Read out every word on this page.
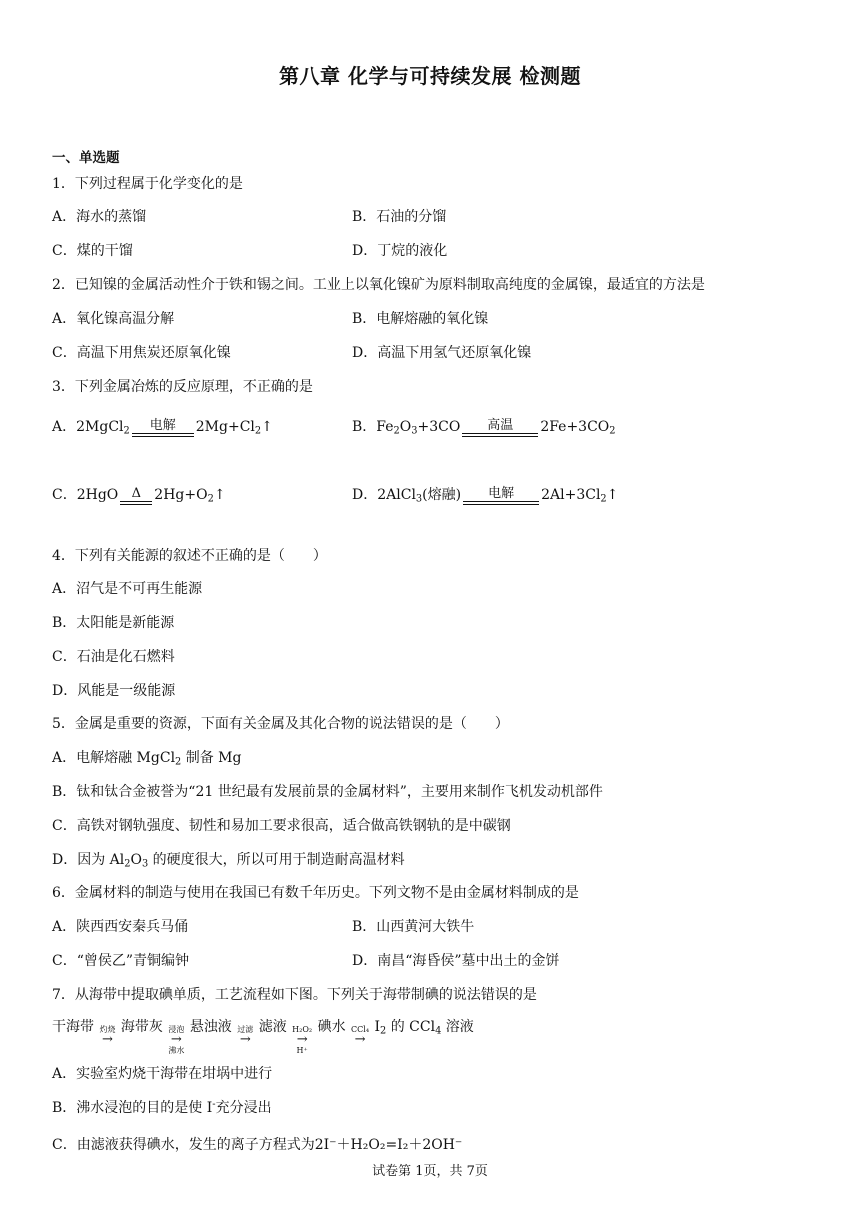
第八章 化学与可持续发展 检测题
一、单选题
1．下列过程属于化学变化的是
A．海水的蒸馏	B．石油的分馏
C．煤的干馏	D．丁烷的液化
2．已知镍的金属活动性介于铁和锡之间。工业上以氧化镍矿为原料制取高纯度的金属镍，最适宜的方法是
A．氧化镍高温分解	B．电解熔融的氧化镍
C．高温下用焦炭还原氧化镍	D．高温下用氢气还原氧化镍
3．下列金属冶炼的反应原理，不正确的是
A．2MgCl$_2$ 电解 $2Mg+Cl_2↑$	B．$Fe_2O_3+3CO$ 高温 $2Fe+3CO_2$
C．2HgO Δ $2Hg+O_2↑$	D．2AlCl$_3$(熔融) 电解 $2Al+3Cl_2↑$
4．下列有关能源的叙述不正确的是（　　）
A．沼气是不可再生能源
B．太阳能是新能源
C．石油是化石燃料
D．风能是一级能源
5．金属是重要的资源，下面有关金属及其化合物的说法错误的是（　　）
A．电解熔融 MgCl$_2$ 制备 Mg
B．钛和钛合金被誉为“21 世纪最有发展前景的金属材料”，主要用来制作飞机发动机部件
C．高铁对钢轨强度、韧性和易加工要求很高，适合做高铁钢轨的是中碳钢
D．因为 $Al_2O_3$ 的硬度很大，所以可用于制造耐高温材料
6．金属材料的制造与使用在我国已有数千年历史。下列文物不是由金属材料制成的是
A．陕西西安秦兵马俑	B．山西黄河大铁牛
C．“曾侯乙”青铜编钟	D．南昌“海昏侯”墓中出土的金饼
7．从海带中提取碘单质，工艺流程如下图。下列关于海带制碘的说法错误的是
干海带 灼烧
→
海带灰 浸泡
→
沸水
悬浊液 过滤
→
滤液 H₂O₂
→
H⁺
碘水 CCl₄
→
$I_2$ 的 CCl$_4$ 溶液
A．实验室灼烧干海带在坩埚中进行
B．沸水浸泡的目的是使 I-充分浸出
C．由滤液获得碘水，发生的离子方程式为2I⁻＋H₂O₂=I₂＋2OH⁻
试卷第 1页，共 7页
